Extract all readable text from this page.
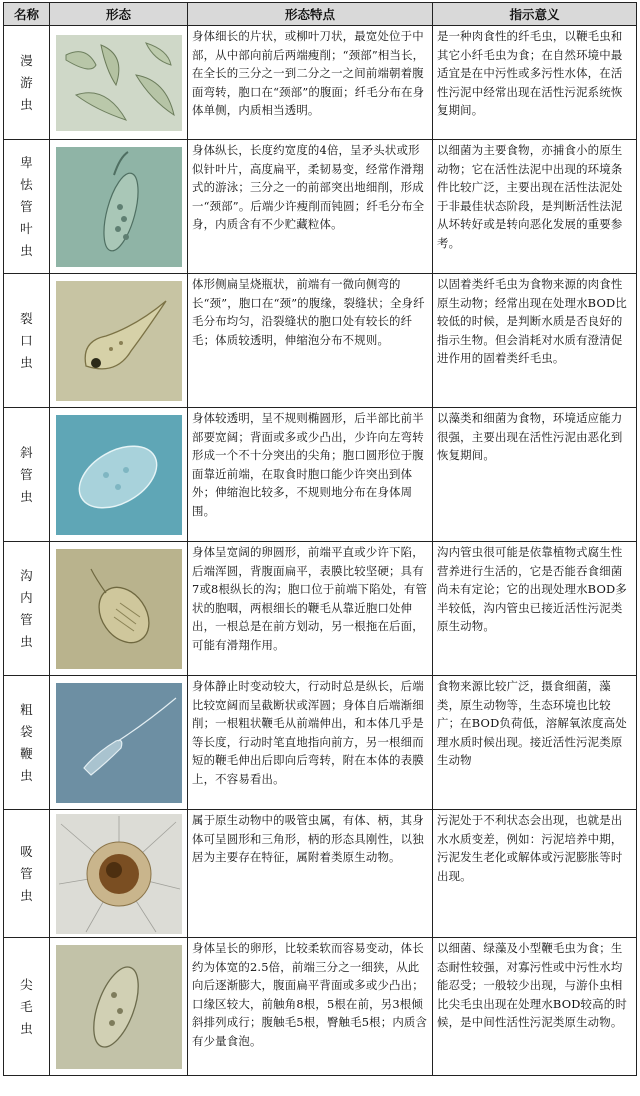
名称	形态	形态特点	指示意义
漫游虫		身体细长的片状，或柳叶刀状，最宽处位于中部，从中部向前后两端瘦削；“颈部”相当长，在全长的三分之一到二分之一之间前端朝着腹面弯转，胞口在“颈部”的腹面；纤毛分布在身体单侧，内质相当透明。	是一种肉食性的纤毛虫，以鞭毛虫和其它小纤毛虫为食；在自然环境中最适宜是在中污性或多污性水体，在活性污泥中经常出现在活性污泥系统恢复期间。
卑怯管叶虫		身体纵长，长度约宽度的4倍，呈矛头状或形似针叶片，高度扁平，柔韧易变，经常作滑翔式的游泳；三分之一的前部突出地细削，形成一“颈部”。后端少许瘦削而钝圆；纤毛分布全身，内质含有不少贮藏粒体。	以细菌为主要食物，亦捕食小的原生动物；它在活性法泥中出现的环境条件比较广泛，主要出现在活性法泥处于非最佳状态阶段，是判断活性法泥从坏转好或是转向恶化发展的重要参考。
裂口虫		体形侧扁呈烧瓶状，前端有一微向侧弯的长“颈”，胞口在“颈”的腹缘，裂缝状；全身纤毛分布均匀，沿裂缝状的胞口处有较长的纤毛；体质较透明，伸缩泡分布不规则。	以固着类纤毛虫为食物来源的肉食性原生动物；经常出现在处理水BOD比较低的时候，是判断水质是否良好的指示生物。但会消耗对水质有澄清促进作用的固着类纤毛虫。
斜管虫		身体较透明，呈不规则椭圆形，后半部比前半部要宽阔；背面或多或少凸出，少许向左弯转形成一个不十分突出的尖角；胞口圆形位于腹面靠近前端，在取食时胞口能少许突出到体外；伸缩泡比较多，不规则地分布在身体周围。	以藻类和细菌为食物，环境适应能力很强，主要出现在活性污泥由恶化到恢复期间。
沟内管虫		身体呈宽阔的卵圆形，前端平直或少许下陷，后端浑圆，背腹面扁平，表膜比较坚硬；具有7或8根纵长的沟；胞口位于前端下陷处，有管状的胞咽，两根细长的鞭毛从靠近胞口处伸出，一根总是在前方划动，另一根拖在后面，可能有滑翔作用。	沟内管虫很可能是依靠植物式腐生性营养进行生活的，它是否能吞食细菌尚未有定论；它的出现处理水BOD多半较低，沟内管虫已接近活性污泥类原生动物。
粗袋鞭虫		身体静止时变动较大，行动时总是纵长，后端比较宽阔而呈截断状或浑圆；身体自后端渐细削；一根粗状鞭毛从前端伸出，和本体几乎是等长度，行动时笔直地指向前方，另一根细而短的鞭毛伸出后即向后弯转，附在本体的表膜上，不容易看出。	食物来源比较广泛，摄食细菌，藻类，原生动物等，生态环境也比较广；在BOD负荷低，溶解氧浓度高处理水质时候出现。接近活性污泥类原生动物
吸管虫		属于原生动物中的吸管虫属，有体、柄，其身体可呈圆形和三角形，柄的形态具刚性，以独居为主要存在特征，属附着类原生动物。	污泥处于不利状态会出现，也就是出水水质变差，例如：污泥培养中期，污泥发生老化或解体或污泥膨胀等时出现。
尖毛虫		身体呈长的卵形，比较柔软而容易变动，体长约为体宽的2.5倍，前端三分之一细狭，从此向后逐渐膨大，腹面扁平背面或多或少凸出；口缘区较大，前触角8根，5根在前，另3根倾斜排列成行；腹触毛5根，臀触毛5根；内质含有少量食泡。	以细菌、绿藻及小型鞭毛虫为食；生态耐性较强，对寡污性或中污性水均能忍受；一般较少出现，与游仆虫相比尖毛虫出现在处理水BOD较高的时候，是中间性活性污泥类原生动物。
